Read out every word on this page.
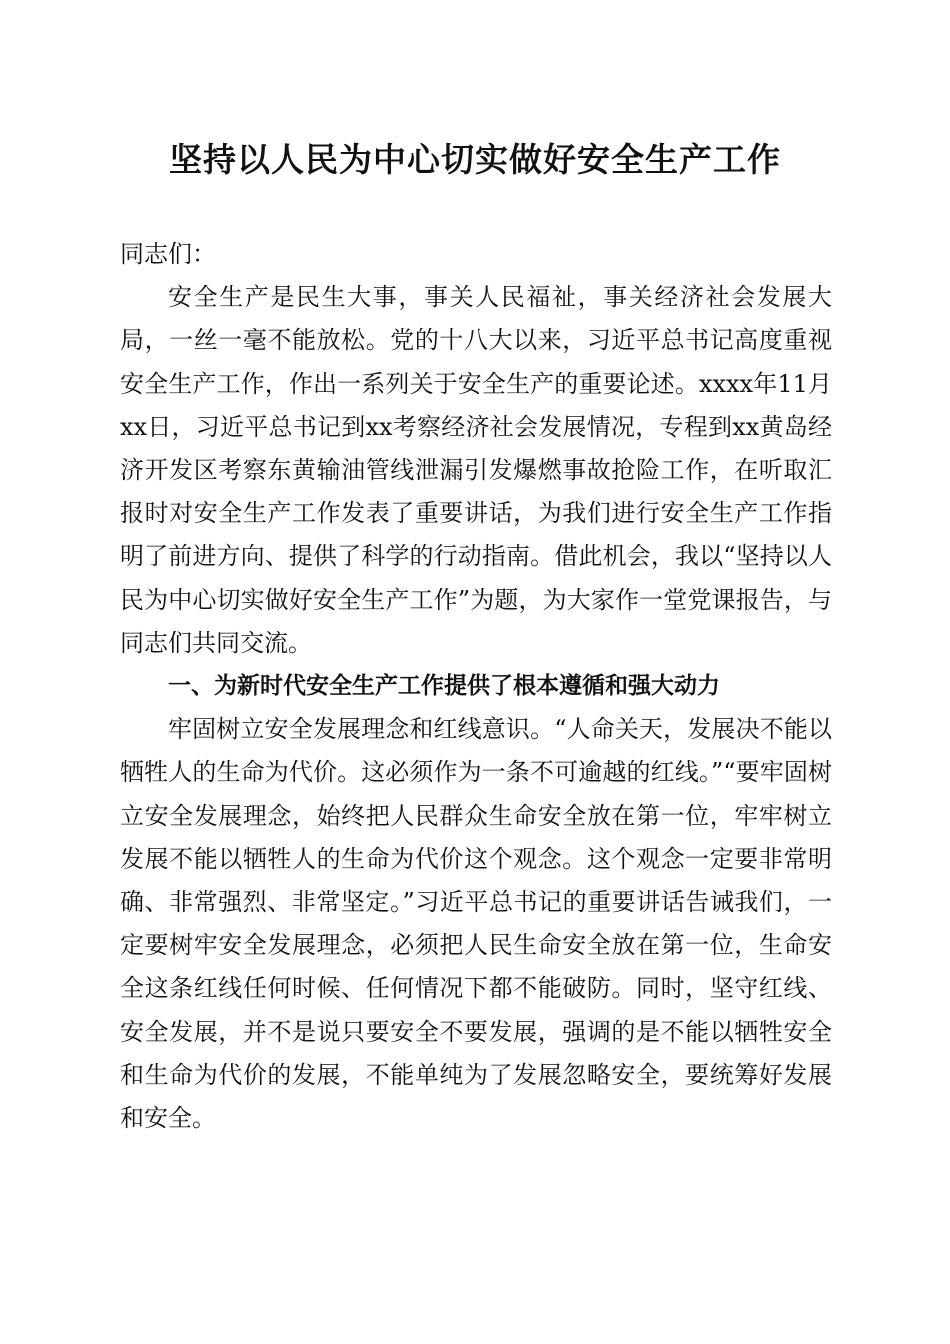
坚持以人民为中心切实做好安全生产工作

同志们：

安全生产是民生大事，事关人民福祉，事关经济社会发展大局，一丝一毫不能放松。党的十八大以来，习近平总书记高度重视安全生产工作，作出一系列关于安全生产的重要论述。xxxx年11月xx日，习近平总书记到xx考察经济社会发展情况，专程到xx黄岛经济开发区考察东黄输油管线泄漏引发爆燃事故抢险工作，在听取汇报时对安全生产工作发表了重要讲话，为我们进行安全生产工作指明了前进方向、提供了科学的行动指南。借此机会，我以“坚持以人民为中心切实做好安全生产工作”为题，为大家作一堂党课报告，与同志们共同交流。

一、为新时代安全生产工作提供了根本遵循和强大动力

牢固树立安全发展理念和红线意识。“人命关天，发展决不能以牺牲人的生命为代价。这必须作为一条不可逾越的红线。”“要牢固树立安全发展理念，始终把人民群众生命安全放在第一位，牢牢树立发展不能以牺牲人的生命为代价这个观念。这个观念一定要非常明确、非常强烈、非常坚定。”习近平总书记的重要讲话告诫我们，一定要树牢安全发展理念，必须把人民生命安全放在第一位，生命安全这条红线任何时候、任何情况下都不能破防。同时，坚守红线、安全发展，并不是说只要安全不要发展，强调的是不能以牺牲安全和生命为代价的发展，不能单纯为了发展忽略安全，要统筹好发展和安全。
